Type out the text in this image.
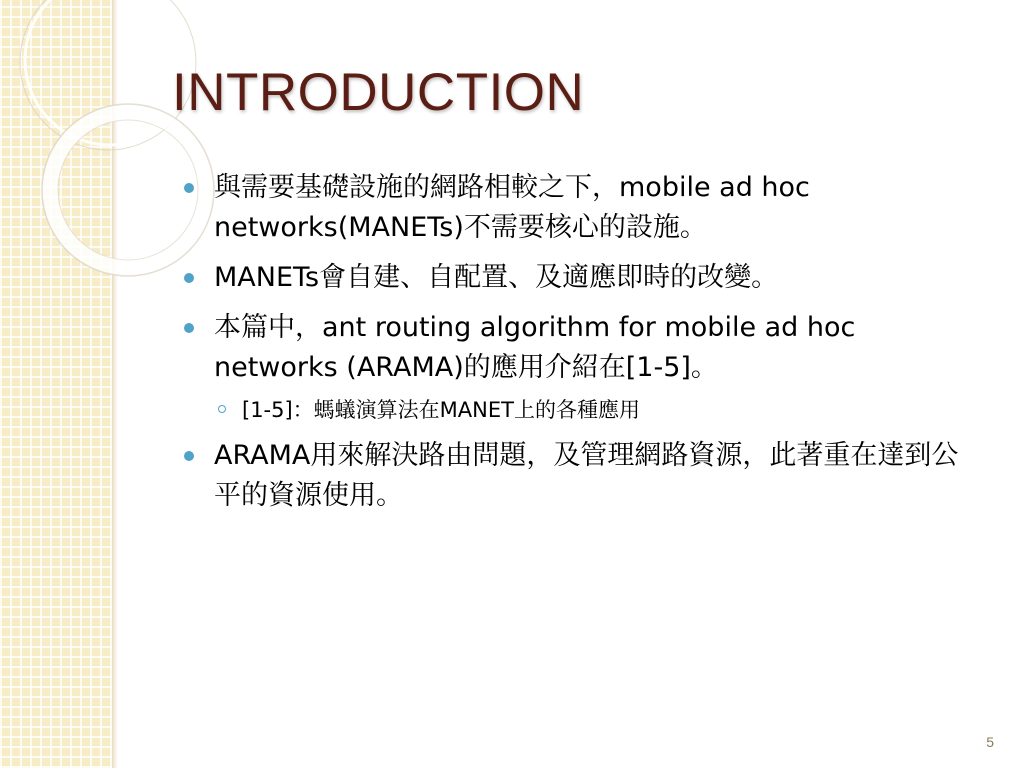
INTRODUCTION
與需要基礎設施的網路相較之下，mobile ad hoc networks(MANETs)不需要核心的設施。
MANETs會自建、自配置、及適應即時的改變。
本篇中，ant routing algorithm for mobile ad hoc networks (ARAMA)的應用介紹在[1-5]。
[1-5]：螞蟻演算法在MANET上的各種應用
ARAMA用來解決路由問題，及管理網路資源，此著重在達到公平的資源使用。
5
